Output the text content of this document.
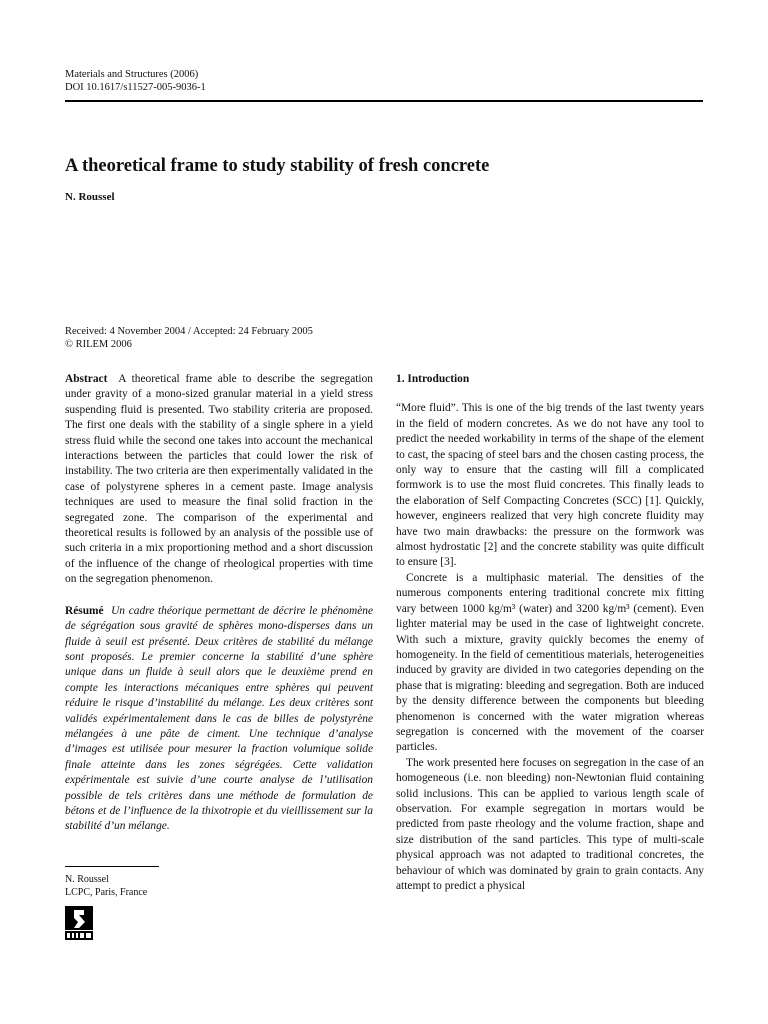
Materials and Structures (2006)
DOI 10.1617/s11527-005-9036-1
A theoretical frame to study stability of fresh concrete
N. Roussel
Received: 4 November 2004 / Accepted: 24 February 2005
© RILEM 2006

Abstract A theoretical frame able to describe the segregation under gravity of a mono-sized granular material in a yield stress suspending fluid is presented. Two stability criteria are proposed. The first one deals with the stability of a single sphere in a yield stress fluid while the second one takes into account the mechanical interactions between the particles that could lower the risk of instability. The two criteria are then experimentally validated in the case of polystyrene spheres in a cement paste. Image analysis techniques are used to measure the final solid fraction in the segregated zone. The comparison of the experimental and theoretical results is followed by an analysis of the possible use of such criteria in a mix proportioning method and a short discussion of the influence of the change of rheological properties with time on the segregation phenomenon.

Résumé Un cadre théorique permettant de décrire le phénomène de ségrégation sous gravité de sphères mono-disperses dans un fluide à seuil est présenté. Deux critères de stabilité du mélange sont proposés. Le premier concerne la stabilité d’une sphère unique dans un fluide à seuil alors que le deuxième prend en compte les interactions mécaniques entre sphères qui peuvent réduire le risque d’instabilité du mélange. Les deux critères sont validés expérimentalement dans le cas de billes de polystyrène mélangées à une pâte de ciment. Une technique d’analyse d’images est utilisée pour mesurer la fraction volumique solide finale atteinte dans les zones ségrégées. Cette validation expérimentale est suivie d’une courte analyse de l’utilisation possible de tels critères dans une méthode de formulation de bétons et de l’influence de la thixotropie et du vieillissement sur la stabilité d’un mélange.

N. Roussel
LCPC, Paris, France

1. Introduction

“More fluid”. This is one of the big trends of the last twenty years in the field of modern concretes. As we do not have any tool to predict the needed workability in terms of the shape of the element to cast, the spacing of steel bars and the chosen casting process, the only way to ensure that the casting will fill a complicated formwork is to use the most fluid concretes. This finally leads to the elaboration of Self Compacting Concretes (SCC) [1]. Quickly, however, engineers realized that very high concrete fluidity may have two main drawbacks: the pressure on the formwork was almost hydrostatic [2] and the concrete stability was quite difficult to ensure [3].

Concrete is a multiphasic material. The densities of the numerous components entering traditional concrete mix fitting vary between 1000 kg/m³ (water) and 3200 kg/m³ (cement). Even lighter material may be used in the case of lightweight concrete. With such a mixture, gravity quickly becomes the enemy of homogeneity. In the field of cementitious materials, heterogeneities induced by gravity are divided in two categories depending on the phase that is migrating: bleeding and segregation. Both are induced by the density difference between the components but bleeding phenomenon is concerned with the water migration whereas segregation is concerned with the movement of the coarser particles.

The work presented here focuses on segregation in the case of an homogeneous (i.e. non bleeding) non-Newtonian fluid containing solid inclusions. This can be applied to various length scale of observation. For example segregation in mortars would be predicted from paste rheology and the volume fraction, shape and size distribution of the sand particles. This type of multi-scale physical approach was not adapted to traditional concretes, the behaviour of which was dominated by grain to grain contacts. Any attempt to predict a physical
